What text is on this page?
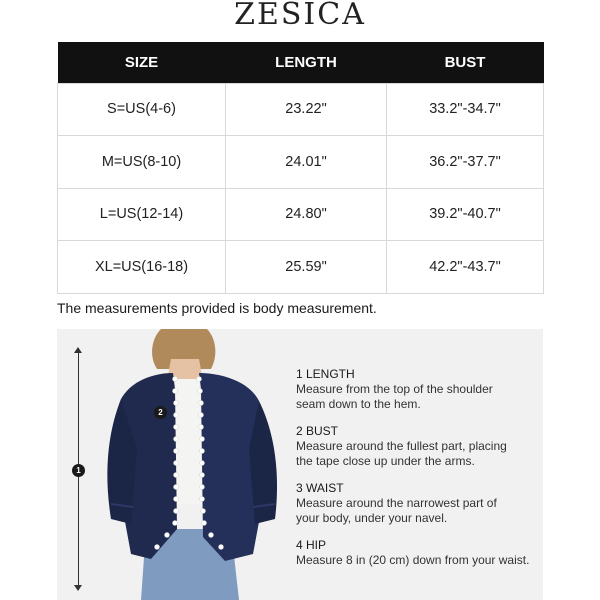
ZESICA
SIZE	LENGTH	BUST
S=US(4-6)	23.22"	33.2"-34.7"
M=US(8-10)	24.01"	36.2"-37.7"
L=US(12-14)	24.80"	39.2"-40.7"
XL=US(16-18)	25.59"	42.2"-43.7"
The measurements provided is body measurement.
1
2
1 LENGTH
Measure from the top of the shoulder
seam down to the hem.
2 BUST
Measure around the fullest part, placing
the tape close up under the arms.
3 WAIST
Measure around the narrowest part of
your body, under your navel.
4 HIP
Measure 8 in (20 cm) down from your waist.
